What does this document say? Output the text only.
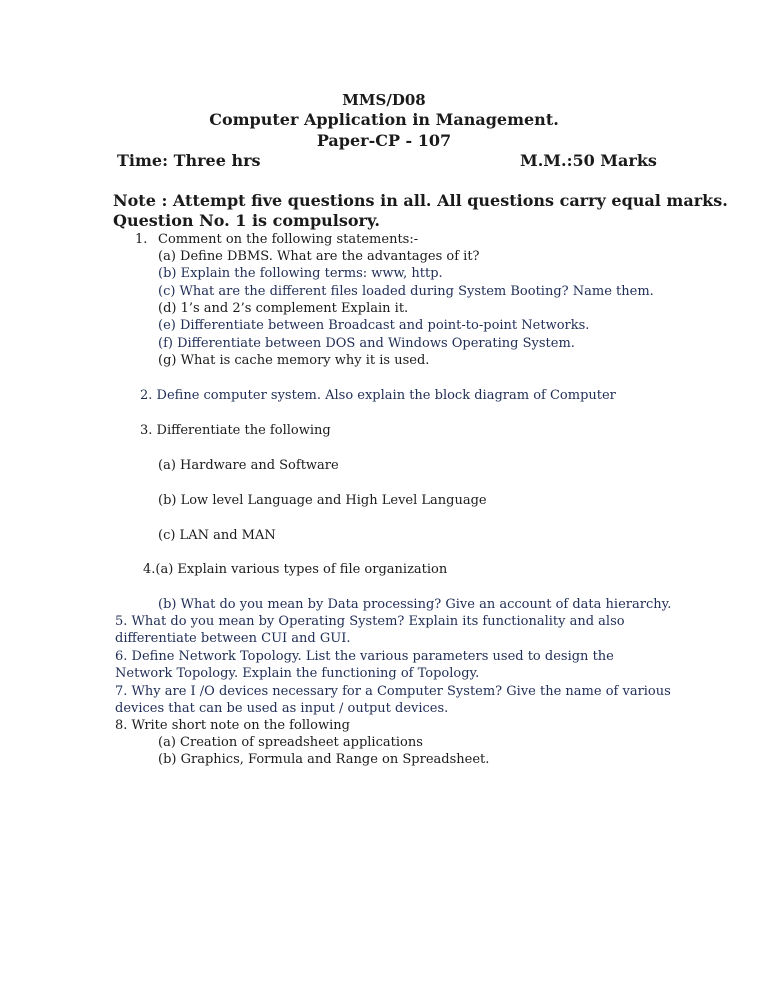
MMS/D08
Computer Application in Management.
Paper-CP - 107
Time: Three hrs	M.M.:50 Marks
Note : Attempt five questions in all. All questions carry equal marks.
Question No. 1 is compulsory.
1. Comment on the following statements:-
(a) Define DBMS. What are the advantages of it?
(b) Explain the following terms: www, http.
(c) What are the different files loaded during System Booting? Name them.
(d) 1’s and 2’s complement Explain it.
(e) Differentiate between Broadcast and point-to-point Networks.
(f) Differentiate between DOS and Windows Operating System.
(g) What is cache memory why it is used.
2. Define computer system. Also explain the block diagram of Computer
3. Differentiate the following
(a) Hardware and Software
(b) Low level Language and High Level Language
(c) LAN and MAN
4.(a) Explain various types of file organization
(b) What do you mean by Data processing? Give an account of data hierarchy.
5. What do you mean by Operating System? Explain its functionality and also
differentiate between CUI and GUI.
6. Define Network Topology. List the various parameters used to design the
Network Topology. Explain the functioning of Topology.
7. Why are I /O devices necessary for a Computer System? Give the name of various
devices that can be used as input / output devices.
8. Write short note on the following
(a) Creation of spreadsheet applications
(b) Graphics, Formula and Range on Spreadsheet.
